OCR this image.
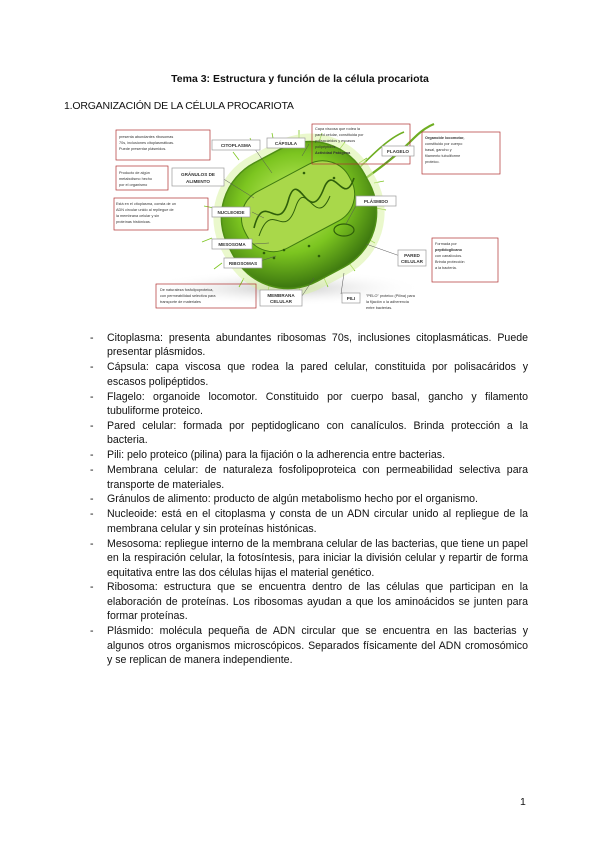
Tema 3: Estructura y función de la célula procariota
1.ORGANIZACIÓN DE LA CÉLULA PROCARIOTA
CITOPLASMA	CÁPSULA
FLAGELO
GRÁNULOS DE
ALIMENTO
NUCLEOIDE
PLÁSMIDO
MESOSOMA
RIBOSOMAS
PARED
CELULAR
MEMBRANA
CELULAR
PILI
presenta abundantes ribosomas
70s, inclusiones citoplasmáticas.
Puede presentar plásmidos.
Producto de algún
metabolismo hecho
por el organismo
Está en el citoplasma, consta de un
ADN circular unido al repliegue de
la membrana celular y sin
proteínas histónicas.
De naturaleza fosfolipoproteica,
con permeabilidad selectiva para
transporte de materiales
Capa viscosa que rodea la
pared celular, constituida por
polisacáridos y escasos
polipéptidos.
Actividad Patógena
Organoide locomotor,
constituido por cuerpo
basal, gancho y
filamento tubuliforme
proteico.
Formada por
peptidoglicano
con canalículos.
Brinda protección
a la bacteria.
"PELO" proteico (Pilina) para
la fijación o la adherencia
entre bacterias.
- Citoplasma: presenta abundantes ribosomas 70s, inclusiones citoplasmáticas. Puede presentar plásmidos.
- Cápsula: capa viscosa que rodea la pared celular, constituida por polisacáridos y escasos polipéptidos.
- Flagelo: organoide locomotor. Constituido por cuerpo basal, gancho y filamento tubuliforme proteico.
- Pared celular: formada por peptidoglicano con canalículos. Brinda protección a la bacteria.
- Pili: pelo proteico (pilina) para la fijación o la adherencia entre bacterias.
- Membrana celular: de naturaleza fosfolipoproteica con permeabilidad selectiva para transporte de materiales.
- Gránulos de alimento: producto de algún metabolismo hecho por el organismo.
- Nucleoide: está en el citoplasma y consta de un ADN circular unido al repliegue de la membrana celular y sin proteínas histónicas.
- Mesosoma: repliegue interno de la membrana celular de las bacterias, que tiene un papel en la respiración celular, la fotosíntesis, para iniciar la división celular y repartir de forma equitativa entre las dos células hijas el material genético.
- Ribosoma: estructura que se encuentra dentro de las células que participan en la elaboración de proteínas. Los ribosomas ayudan a que los aminoácidos se junten para formar proteínas.
- Plásmido: molécula pequeña de ADN circular que se encuentra en las bacterias y algunos otros organismos microscópicos. Separados físicamente del ADN cromosómico y se replican de manera independiente.
1
